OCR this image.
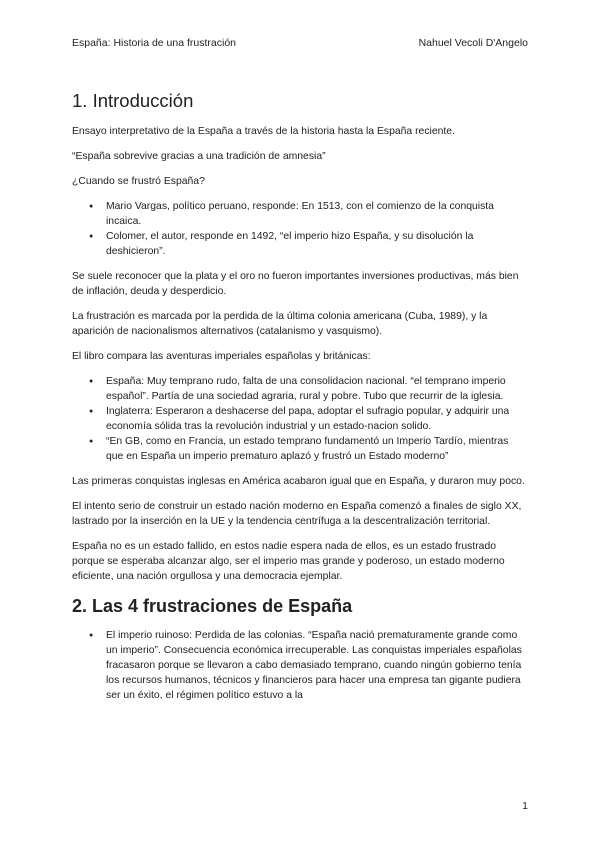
España: Historia de una frustración	Nahuel Vecoli D'Angelo
1. Introducción

Ensayo interpretativo de la España a través de la historia hasta la España reciente.

“España sobrevive gracias a una tradición de amnesia”

¿Cuando se frustró España?

● Mario Vargas, político peruano, responde: En 1513, con el comienzo de la conquista incaica.
● Colomer, el autor, responde en 1492, “el imperio hizo España, y su disolución la deshicieron”.

Se suele reconocer que la plata y el oro no fueron importantes inversiones productivas, más bien de inflación, deuda y desperdicio.

La frustración es marcada por la perdida de la última colonia americana (Cuba, 1989), y la aparición de nacionalismos alternativos (catalanismo y vasquismo).

El libro compara las aventuras imperiales españolas y británicas:

● España: Muy temprano rudo, falta de una consolidacion nacional. “el temprano imperio español”. Partía de una sociedad agraria, rural y pobre. Tubo que recurrir de la iglesia.
● Inglaterra: Esperaron a deshacerse del papa, adoptar el sufragio popular, y adquirir una economía sólida tras la revolución industrial y un estado-nacion solido.
● “En GB, como en Francia, un estado temprano fundamentó un Imperio Tardío, mientras que en España un imperio prematuro aplazó y frustró un Estado moderno”

Las primeras conquistas inglesas en América acabaron igual que en España, y duraron muy poco.

El intento serio de construir un estado nación moderno en España comenzó a finales de siglo XX, lastrado por la inserción en la UE y la tendencia centrífuga a la descentralización territorial.

España no es un estado fallido, en estos nadie espera nada de ellos, es un estado frustrado porque se esperaba alcanzar algo, ser el imperio mas grande y poderoso, un estado moderno eficiente, una nación orgullosa y una democracia ejemplar.

2. Las 4 frustraciones de España
● El imperio ruinoso: Perdida de las colonias. “España nació prematuramente grande como un imperio”. Consecuencia económica irrecuperable. Las conquistas imperiales españolas fracasaron porque se llevaron a cabo demasiado temprano, cuando ningún gobierno tenía los recursos humanos, técnicos y financieros para hacer una empresa tan gigante pudiera ser un éxito, el régimen político estuvo a la
1
